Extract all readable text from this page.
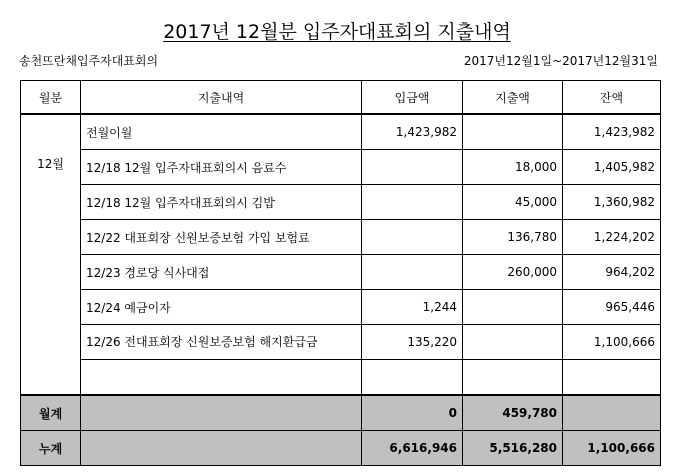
2017년 12월분 입주자대표회의 지출내역
송천뜨란채입주자대표회의	2017년12월1일~2017년12월31일
월분	지출내역	입금액	지출액	잔액
12월	전월이월	1,423,982		1,423,982
	12/18 12월 입주자대표회의시 음료수		18,000	1,405,982
	12/18 12월 입주자대표회의시 김밥		45,000	1,360,982
	12/22 대표회장 신원보증보험 가입 보험료		136,780	1,224,202
	12/23 경로당 식사대접		260,000	964,202
	12/24 예금이자	1,244		965,446
	12/26 전대표회장 신원보증보험 해지환급금	135,220		1,100,666

월계		0	459,780	
누계		6,616,946	5,516,280	1,100,666
